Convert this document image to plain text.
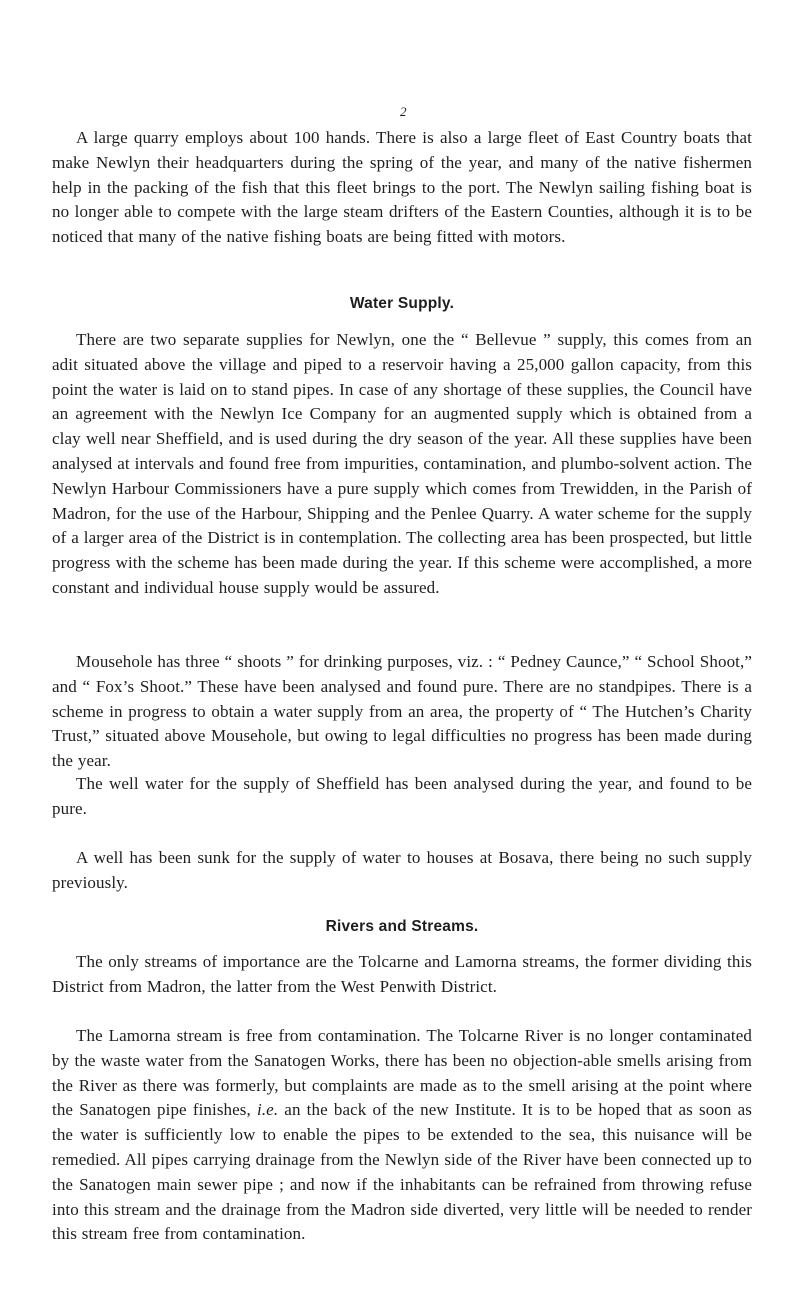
2

A large quarry employs about 100 hands. There is also a large fleet of East Country boats that make Newlyn their headquarters during the spring of the year, and many of the native fishermen help in the packing of the fish that this fleet brings to the port. The Newlyn sailing fishing boat is no longer able to compete with the large steam drifters of the Eastern Counties, although it is to be noticed that many of the native fishing boats are being fitted with motors.

Water Supply.

There are two separate supplies for Newlyn, one the “ Bellevue ” supply, this comes from an adit situated above the village and piped to a reservoir having a 25,000 gallon capacity, from this point the water is laid on to stand pipes. In case of any shortage of these supplies, the Council have an agreement with the Newlyn Ice Company for an augmented supply which is obtained from a clay well near Sheffield, and is used during the dry season of the year. All these supplies have been analysed at intervals and found free from impurities, contamination, and plumbo-solvent action. The Newlyn Harbour Commissioners have a pure supply which comes from Trewidden, in the Parish of Madron, for the use of the Harbour, Shipping and the Penlee Quarry. A water scheme for the supply of a larger area of the District is in contemplation. The collecting area has been prospected, but little progress with the scheme has been made during the year. If this scheme were accomplished, a more constant and individual house supply would be assured.

Mousehole has three “ shoots ” for drinking purposes, viz. : “ Pedney Caunce,” “ School Shoot,” and “ Fox’s Shoot.” These have been analysed and found pure. There are no standpipes. There is a scheme in progress to obtain a water supply from an area, the property of “ The Hutchen’s Charity Trust,” situated above Mousehole, but owing to legal difficulties no progress has been made during the year.

The well water for the supply of Sheffield has been analysed during the year, and found to be pure.

A well has been sunk for the supply of water to houses at Bosava, there being no such supply previously.

Rivers and Streams.

The only streams of importance are the Tolcarne and Lamorna streams, the former dividing this District from Madron, the latter from the West Penwith District.

The Lamorna stream is free from contamination. The Tolcarne River is no longer contaminated by the waste water from the Sanatogen Works, there has been no objection-able smells arising from the River as there was formerly, but complaints are made as to the smell arising at the point where the Sanatogen pipe finishes, i.e. an the back of the new Institute. It is to be hoped that as soon as the water is sufficiently low to enable the pipes to be extended to the sea, this nuisance will be remedied. All pipes carrying drainage from the Newlyn side of the River have been connected up to the Sanatogen main sewer pipe ; and now if the inhabitants can be refrained from throwing refuse into this stream and the drainage from the Madron side diverted, very little will be needed to render this stream free from contamination.
